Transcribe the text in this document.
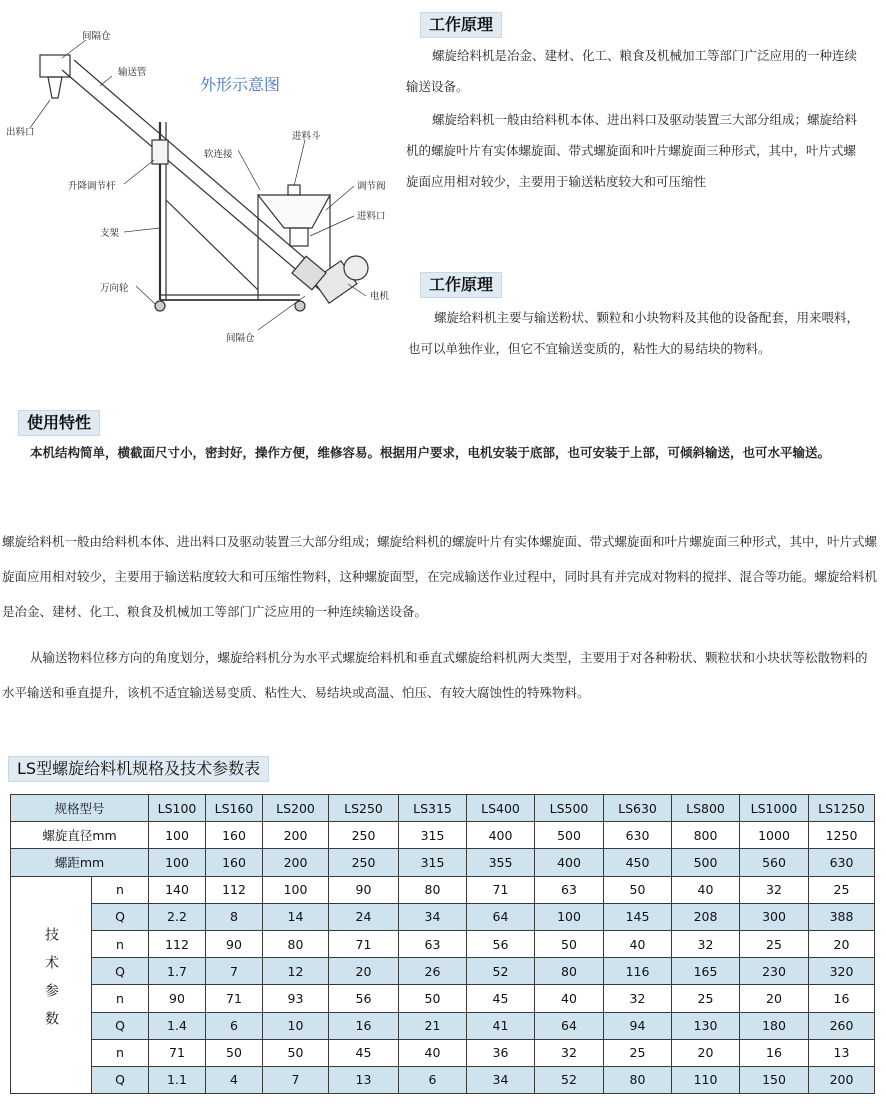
外形示意图
间隔仓
输送管
出料口
软连接
进料斗
升降调节杆	调节阀
进料口
支架
万向轮
电机
间隔仓
工作原理
螺旋给料机是冶金、建材、化工、粮食及机械加工等部门广泛应用的一种连续输送设备。
螺旋给料机一般由给料机本体、进出料口及驱动装置三大部分组成；螺旋给料机的螺旋叶片有实体螺旋面、带式螺旋面和叶片螺旋面三种形式，其中，叶片式螺旋面应用相对较少，主要用于输送粘度较大和可压缩性
工作原理
螺旋给料机主要与输送粉状、颗粒和小块物料及其他的设备配套，用来喂料，也可以单独作业，但它不宜输送变质的，粘性大的易结块的物料。
使用特性
本机结构简单，横截面尺寸小，密封好，操作方便，维修容易。根据用户要求，电机安装于底部，也可安装于上部，可倾斜输送，也可水平输送。
螺旋给料机一般由给料机本体、进出料口及驱动装置三大部分组成；螺旋给料机的螺旋叶片有实体螺旋面、带式螺旋面和叶片螺旋面三种形式，其中，叶片式螺旋面应用相对较少，主要用于输送粘度较大和可压缩性物料，这种螺旋面型，在完成输送作业过程中，同时具有并完成对物料的搅拌、混合等功能。螺旋给料机是冶金、建材、化工、粮食及机械加工等部门广泛应用的一种连续输送设备。
从输送物料位移方向的角度划分，螺旋给料机分为水平式螺旋给料机和垂直式螺旋给料机两大类型，主要用于对各种粉状、颗粒状和小块状等松散物料的水平输送和垂直提升，该机不适宜输送易变质、粘性大、易结块或高温、怕压、有较大腐蚀性的特殊物料。
LS型螺旋给料机规格及技术参数表
规格型号		LS100	LS160	LS200	LS250	LS315	LS400	LS500	LS630	LS800	LS1000	LS1250
螺旋直径mm		100	160	200	250	315	400	500	630	800	1000	1250
螺距mm		100	160	200	250	315	355	400	450	500	560	630
技术参数	n	140	112	100	90	80	71	63	50	40	32	25
	Q	2.2	8	14	24	34	64	100	145	208	300	388
	n	112	90	80	71	63	56	50	40	32	25	20
	Q	1.7	7	12	20	26	52	80	116	165	230	320
	n	90	71	93	56	50	45	40	32	25	20	16
	Q	1.4	6	10	16	21	41	64	94	130	180	260
	n	71	50	50	45	40	36	32	25	20	16	13
	Q	1.1	4	7	13	6	34	52	80	110	150	200
